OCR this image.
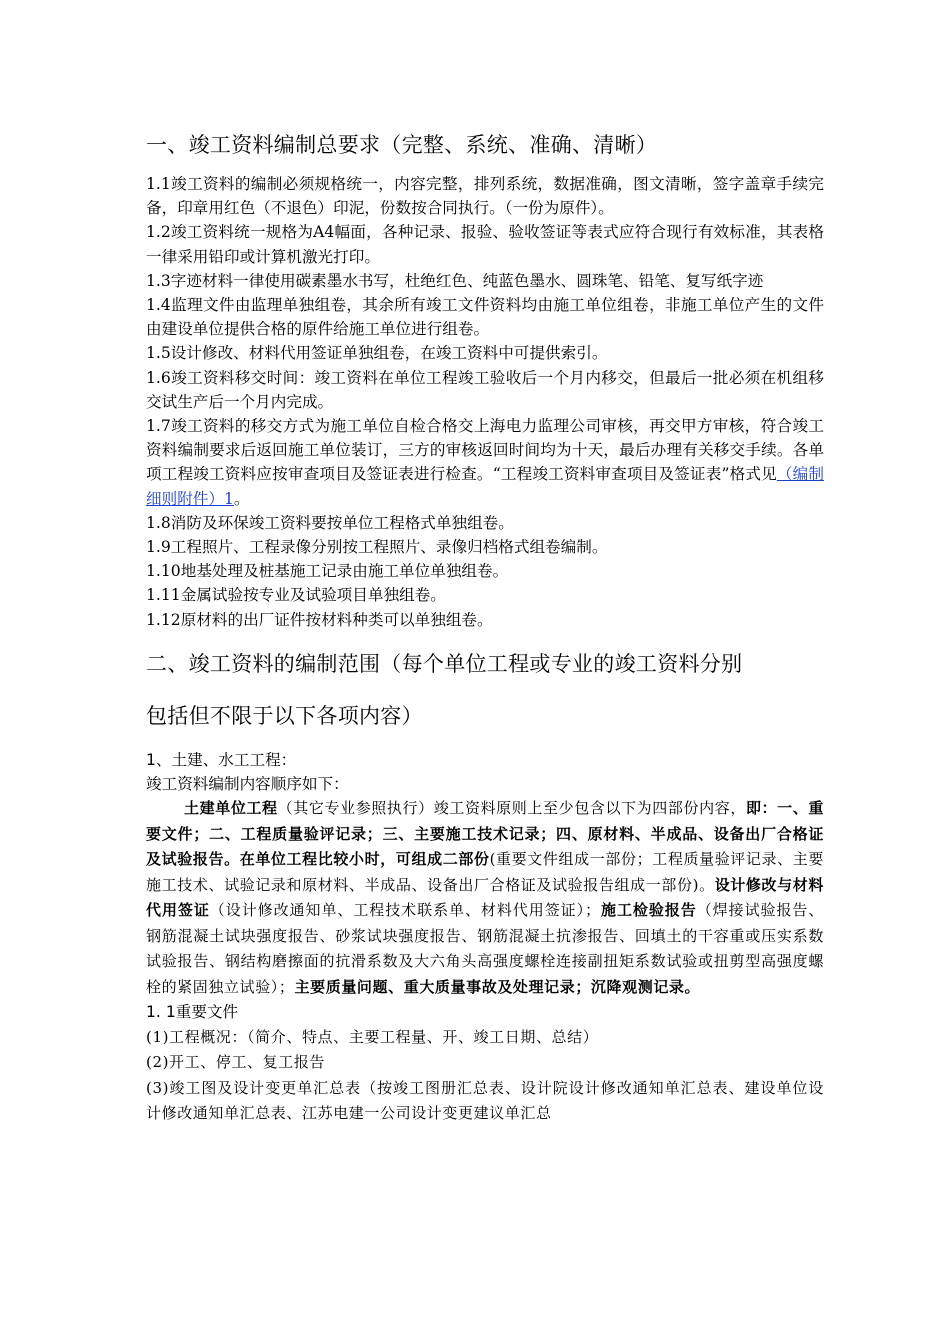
一、竣工资料编制总要求（完整、系统、准确、清晰）

1.1竣工资料的编制必须规格统一，内容完整，排列系统，数据准确，图文清晰，签字盖章手续完备，印章用红色（不退色）印泥，份数按合同执行。（一份为原件）。

1.2竣工资料统一规格为A4幅面，各种记录、报验、验收签证等表式应符合现行有效标准，其表格一律采用铅印或计算机激光打印。

1.3字迹材料一律使用碳素墨水书写，杜绝红色、纯蓝色墨水、圆珠笔、铅笔、复写纸字迹

1.4监理文件由监理单独组卷，其余所有竣工文件资料均由施工单位组卷，非施工单位产生的文件由建设单位提供合格的原件给施工单位进行组卷。

1.5设计修改、材料代用签证单独组卷，在竣工资料中可提供索引。

1.6竣工资料移交时间：竣工资料在单位工程竣工验收后一个月内移交，但最后一批必须在机组移交试生产后一个月内完成。

1.7竣工资料的移交方式为施工单位自检合格交上海电力监理公司审核，再交甲方审核，符合竣工资料编制要求后返回施工单位装订，三方的审核返回时间均为十天，最后办理有关移交手续。各单项工程竣工资料应按审查项目及签证表进行检查。“工程竣工资料审查项目及签证表”格式见（编制细则附件）1。

1.8消防及环保竣工资料要按单位工程格式单独组卷。

1.9工程照片、工程录像分别按工程照片、录像归档格式组卷编制。

1.10地基处理及桩基施工记录由施工单位单独组卷。

1.11金属试验按专业及试验项目单独组卷。

1.12原材料的出厂证件按材料种类可以单独组卷。

二、竣工资料的编制范围（每个单位工程或专业的竣工资料分别
包括但不限于以下各项内容）
1、土建、水工工程：

竣工资料编制内容顺序如下：

土建单位工程（其它专业参照执行）竣工资料原则上至少包含以下为四部份内容，即：一、重要文件；二、工程质量验评记录；三、主要施工技术记录；四、原材料、半成品、设备出厂合格证及试验报告。在单位工程比较小时，可组成二部份(重要文件组成一部份；工程质量验评记录、主要施工技术、试验记录和原材料、半成品、设备出厂合格证及试验报告组成一部份)。设计修改与材料代用签证（设计修改通知单、工程技术联系单、材料代用签证）；施工检验报告（焊接试验报告、钢筋混凝土试块强度报告、砂浆试块强度报告、钢筋混凝土抗渗报告、回填土的干容重或压实系数试验报告、钢结构磨擦面的抗滑系数及大六角头高强度螺栓连接副扭矩系数试验或扭剪型高强度螺栓的紧固独立试验）；主要质量问题、重大质量事故及处理记录；沉降观测记录。

1. 1重要文件

(1)工程概况：（简介、特点、主要工程量、开、竣工日期、总结）

(2)开工、停工、复工报告

(3)竣工图及设计变更单汇总表（按竣工图册汇总表、设计院设计修改通知单汇总表、建设单位设计修改通知单汇总表、江苏电建一公司设计变更建议单汇总
